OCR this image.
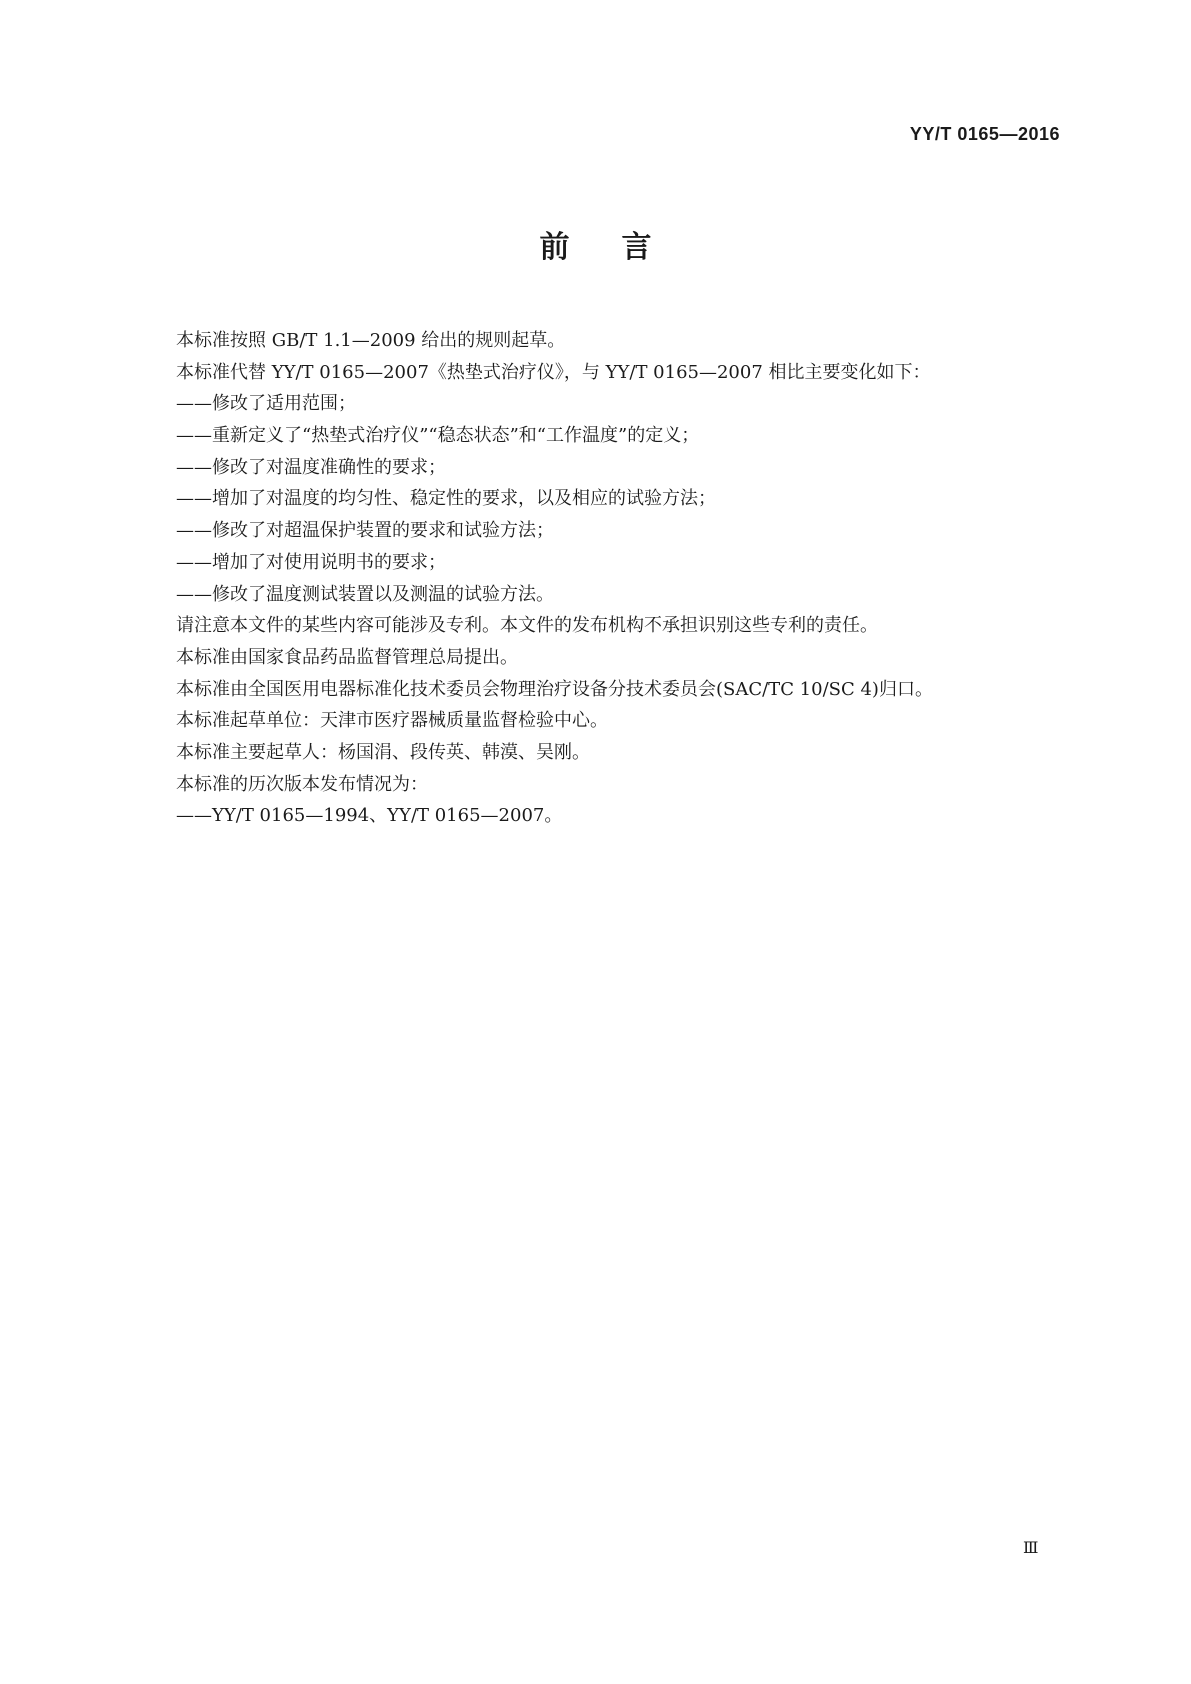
YY/T 0165—2016
前言
本标准按照 GB/T 1.1—2009 给出的规则起草。
本标准代替 YY/T 0165—2007《热垫式治疗仪》，与 YY/T 0165—2007 相比主要变化如下：
——修改了适用范围；
——重新定义了“热垫式治疗仪”“稳态状态”和“工作温度”的定义；
——修改了对温度准确性的要求；
——增加了对温度的均匀性、稳定性的要求，以及相应的试验方法；
——修改了对超温保护装置的要求和试验方法；
——增加了对使用说明书的要求；
——修改了温度测试装置以及测温的试验方法。
请注意本文件的某些内容可能涉及专利。本文件的发布机构不承担识别这些专利的责任。
本标准由国家食品药品监督管理总局提出。
本标准由全国医用电器标准化技术委员会物理治疗设备分技术委员会(SAC/TC 10/SC 4)归口。
本标准起草单位：天津市医疗器械质量监督检验中心。
本标准主要起草人：杨国涓、段传英、韩漠、吴刚。
本标准的历次版本发布情况为：
——YY/T 0165—1994、YY/T 0165—2007。
Ⅲ
